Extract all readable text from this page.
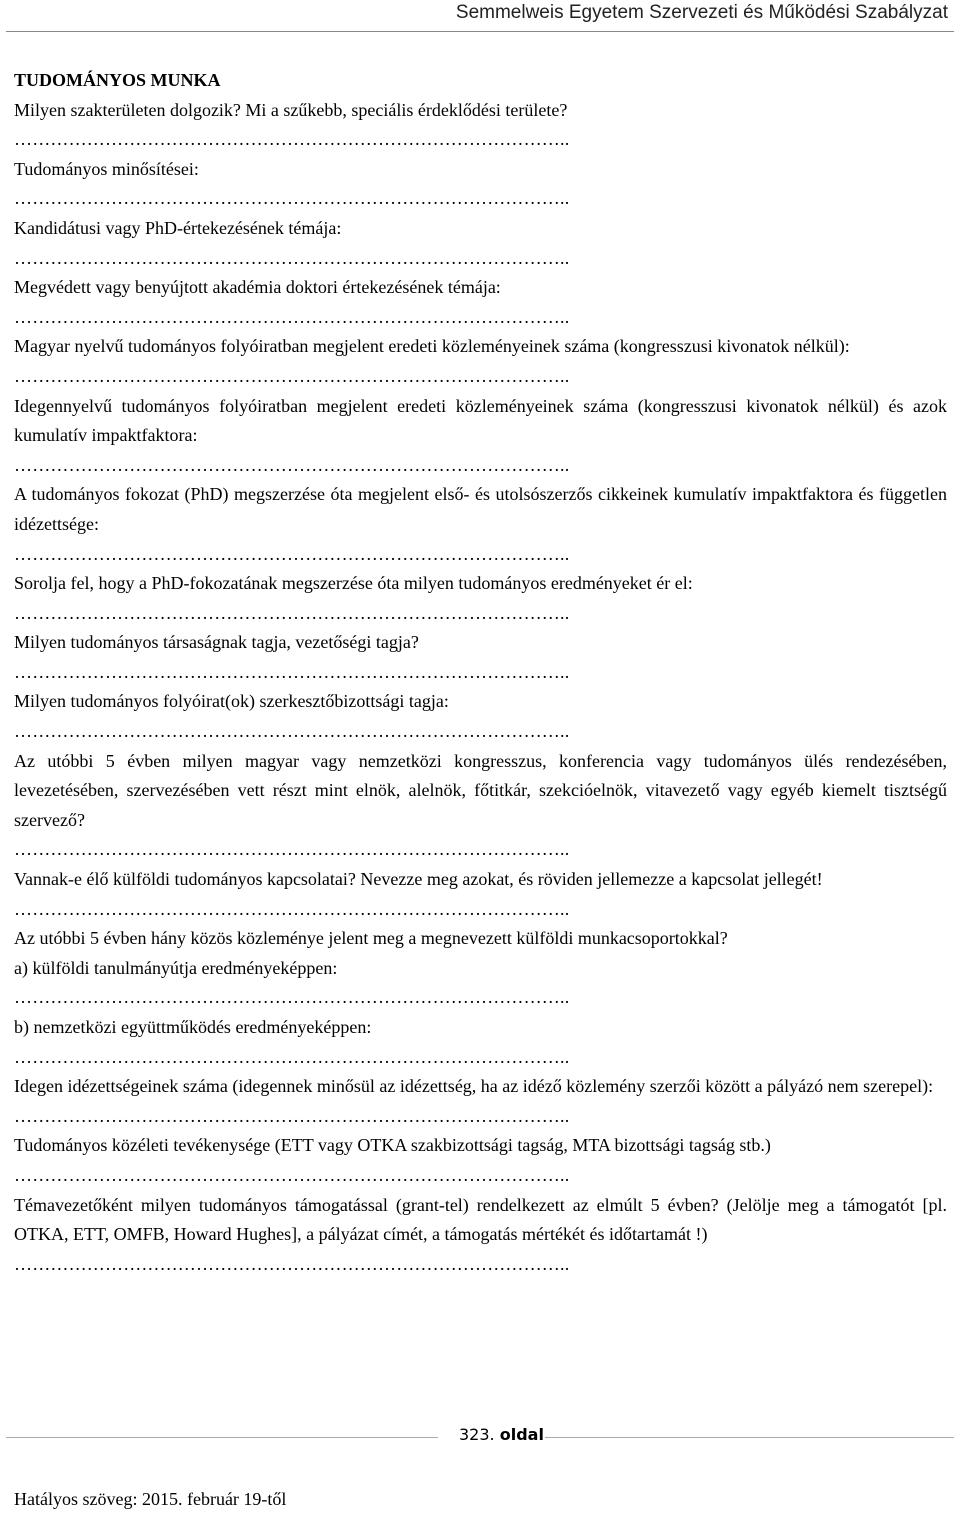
Semmelweis Egyetem Szervezeti és Működési Szabályzat

TUDOMÁNYOS MUNKA

Milyen szakterületen dolgozik? Mi a szűkebb, speciális érdeklődési területe?

………………………………………………………………………………..

Tudományos minősítései:

………………………………………………………………………………..

Kandidátusi vagy PhD-értekezésének témája:

………………………………………………………………………………..

Megvédett vagy benyújtott akadémia doktori értekezésének témája:

………………………………………………………………………………..

Magyar nyelvű tudományos folyóiratban megjelent eredeti közleményeinek száma (kongresszusi kivonatok nélkül):

………………………………………………………………………………..

Idegennyelvű tudományos folyóiratban megjelent eredeti közleményeinek száma (kongresszusi kivonatok nélkül) és azok kumulatív impaktfaktora:

………………………………………………………………………………..

A tudományos fokozat (PhD) megszerzése óta megjelent első- és utolsószerzős cikkeinek kumulatív impaktfaktora és független idézettsége:

………………………………………………………………………………..

Sorolja fel, hogy a PhD-fokozatának megszerzése óta milyen tudományos eredményeket ér el:

………………………………………………………………………………..

Milyen tudományos társaságnak tagja, vezetőségi tagja?

………………………………………………………………………………..

Milyen tudományos folyóirat(ok) szerkesztőbizottsági tagja:

………………………………………………………………………………..

Az utóbbi 5 évben milyen magyar vagy nemzetközi kongresszus, konferencia vagy tudományos ülés rendezésében, levezetésében, szervezésében vett részt mint elnök, alelnök, főtitkár, szekcióelnök, vitavezető vagy egyéb kiemelt tisztségű szervező?

………………………………………………………………………………..

Vannak-e élő külföldi tudományos kapcsolatai? Nevezze meg azokat, és röviden jellemezze a kapcsolat jellegét!

………………………………………………………………………………..

Az utóbbi 5 évben hány közös közleménye jelent meg a megnevezett külföldi munkacsoportokkal?

a) külföldi tanulmányútja eredményeképpen:

………………………………………………………………………………..

b) nemzetközi együttműködés eredményeképpen:

………………………………………………………………………………..

Idegen idézettségeinek száma (idegennek minősül az idézettség, ha az idéző közlemény szerzői között a pályázó nem szerepel):

………………………………………………………………………………..

Tudományos közéleti tevékenysége (ETT vagy OTKA szakbizottsági tagság, MTA bizottsági tagság stb.)

………………………………………………………………………………..

Témavezetőként milyen tudományos támogatással (grant-tel) rendelkezett az elmúlt 5 évben? (Jelölje meg a támogatót [pl. OTKA, ETT, OMFB, Howard Hughes], a pályázat címét, a támogatás mértékét és időtartamát !)

………………………………………………………………………………..

323. oldal
Hatályos szöveg: 2015. február 19-től
